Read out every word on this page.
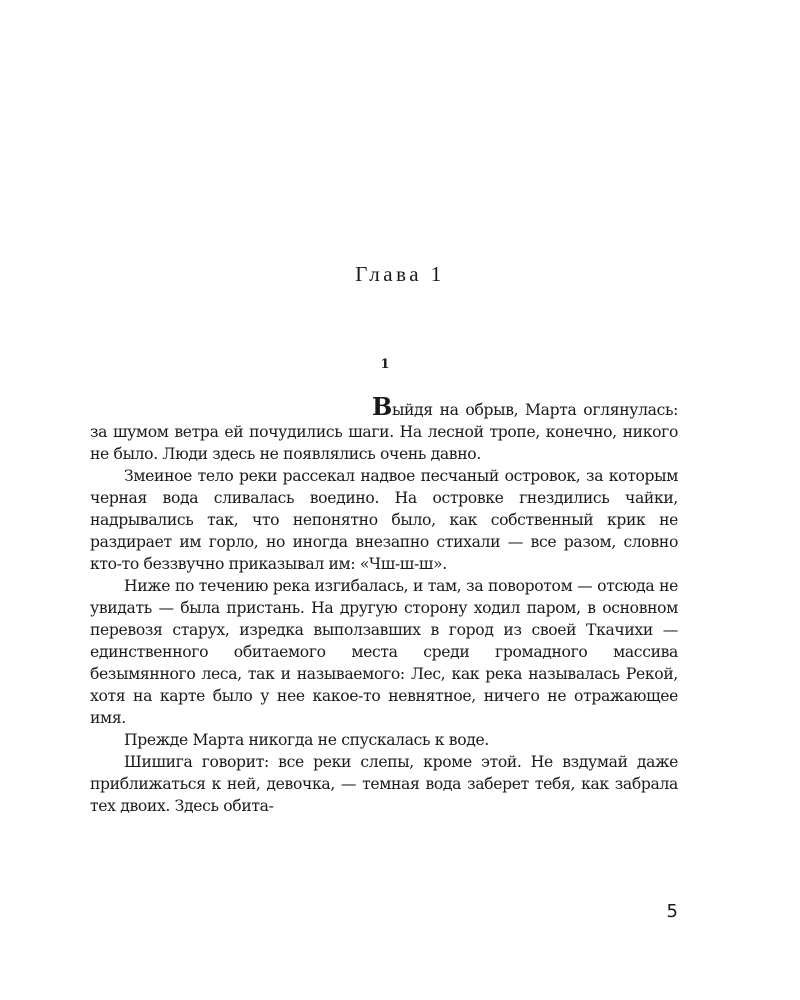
Глава 1
1

Выйдя на обрыв, Марта оглянулась: за шумом ветра ей почудились шаги. На лесной тропе, конечно, никого не было. Люди здесь не появлялись очень давно.

Змеиное тело реки рассекал надвое песчаный островок, за которым черная вода сливалась воедино. На островке гнездились чайки, надрывались так, что непонятно было, как собственный крик не раздирает им горло, но иногда внезапно стихали — все разом, словно кто-то беззвучно приказывал им: «Чш-ш-ш».

Ниже по течению река изгибалась, и там, за поворотом — отсюда не увидать — была пристань. На другую сторону ходил паром, в основном перевозя старух, изредка выползавших в город из своей Ткачихи — единственного обитаемого места среди громадного массива безымянного леса, так и называемого: Лес, как река называлась Рекой, хотя на карте было у нее какое-то невнятное, ничего не отражающее имя.

Прежде Марта никогда не спускалась к воде.

Шишига говорит: все реки слепы, кроме этой. Не вздумай даже приближаться к ней, девочка, — темная вода заберет тебя, как забрала тех двоих. Здесь обита-

5
